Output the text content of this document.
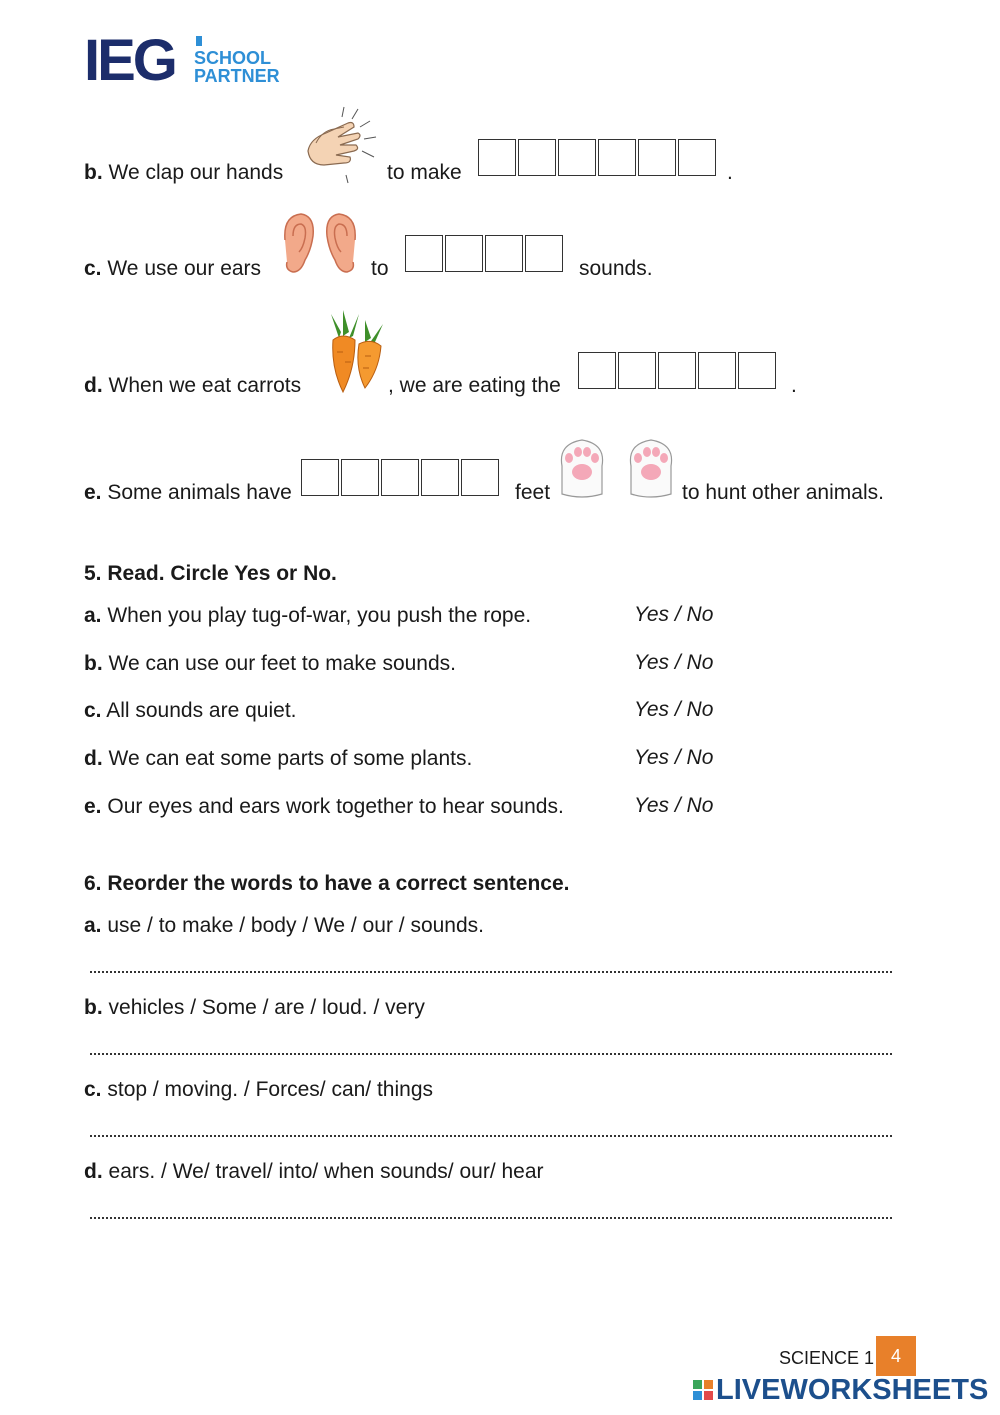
IEG SCHOOL
PARTNER
b. We clap our hands	to make	.
c. We use our ears	to	sounds.
d. When we eat carrots	, we are eating the	.
e. Some animals have	feet	to hunt other animals.
5. Read. Circle Yes or No.
a. When you play tug-of-war, you push the rope.	Yes / No
b. We can use our feet to make sounds.	Yes / No
c. All sounds are quiet.	Yes / No
d. We can eat some parts of some plants.	Yes / No
e. Our eyes and ears work together to hear sounds.	Yes / No
6. Reorder the words to have a correct sentence.
a. use / to make / body / We / our / sounds.
b. vehicles / Some / are / loud. / very
c. stop / moving. / Forces/ can/ things
d. ears. / We/ travel/ into/ when sounds/ our/ hear
SCIENCE 1 4
LIVEWORKSHEETS
